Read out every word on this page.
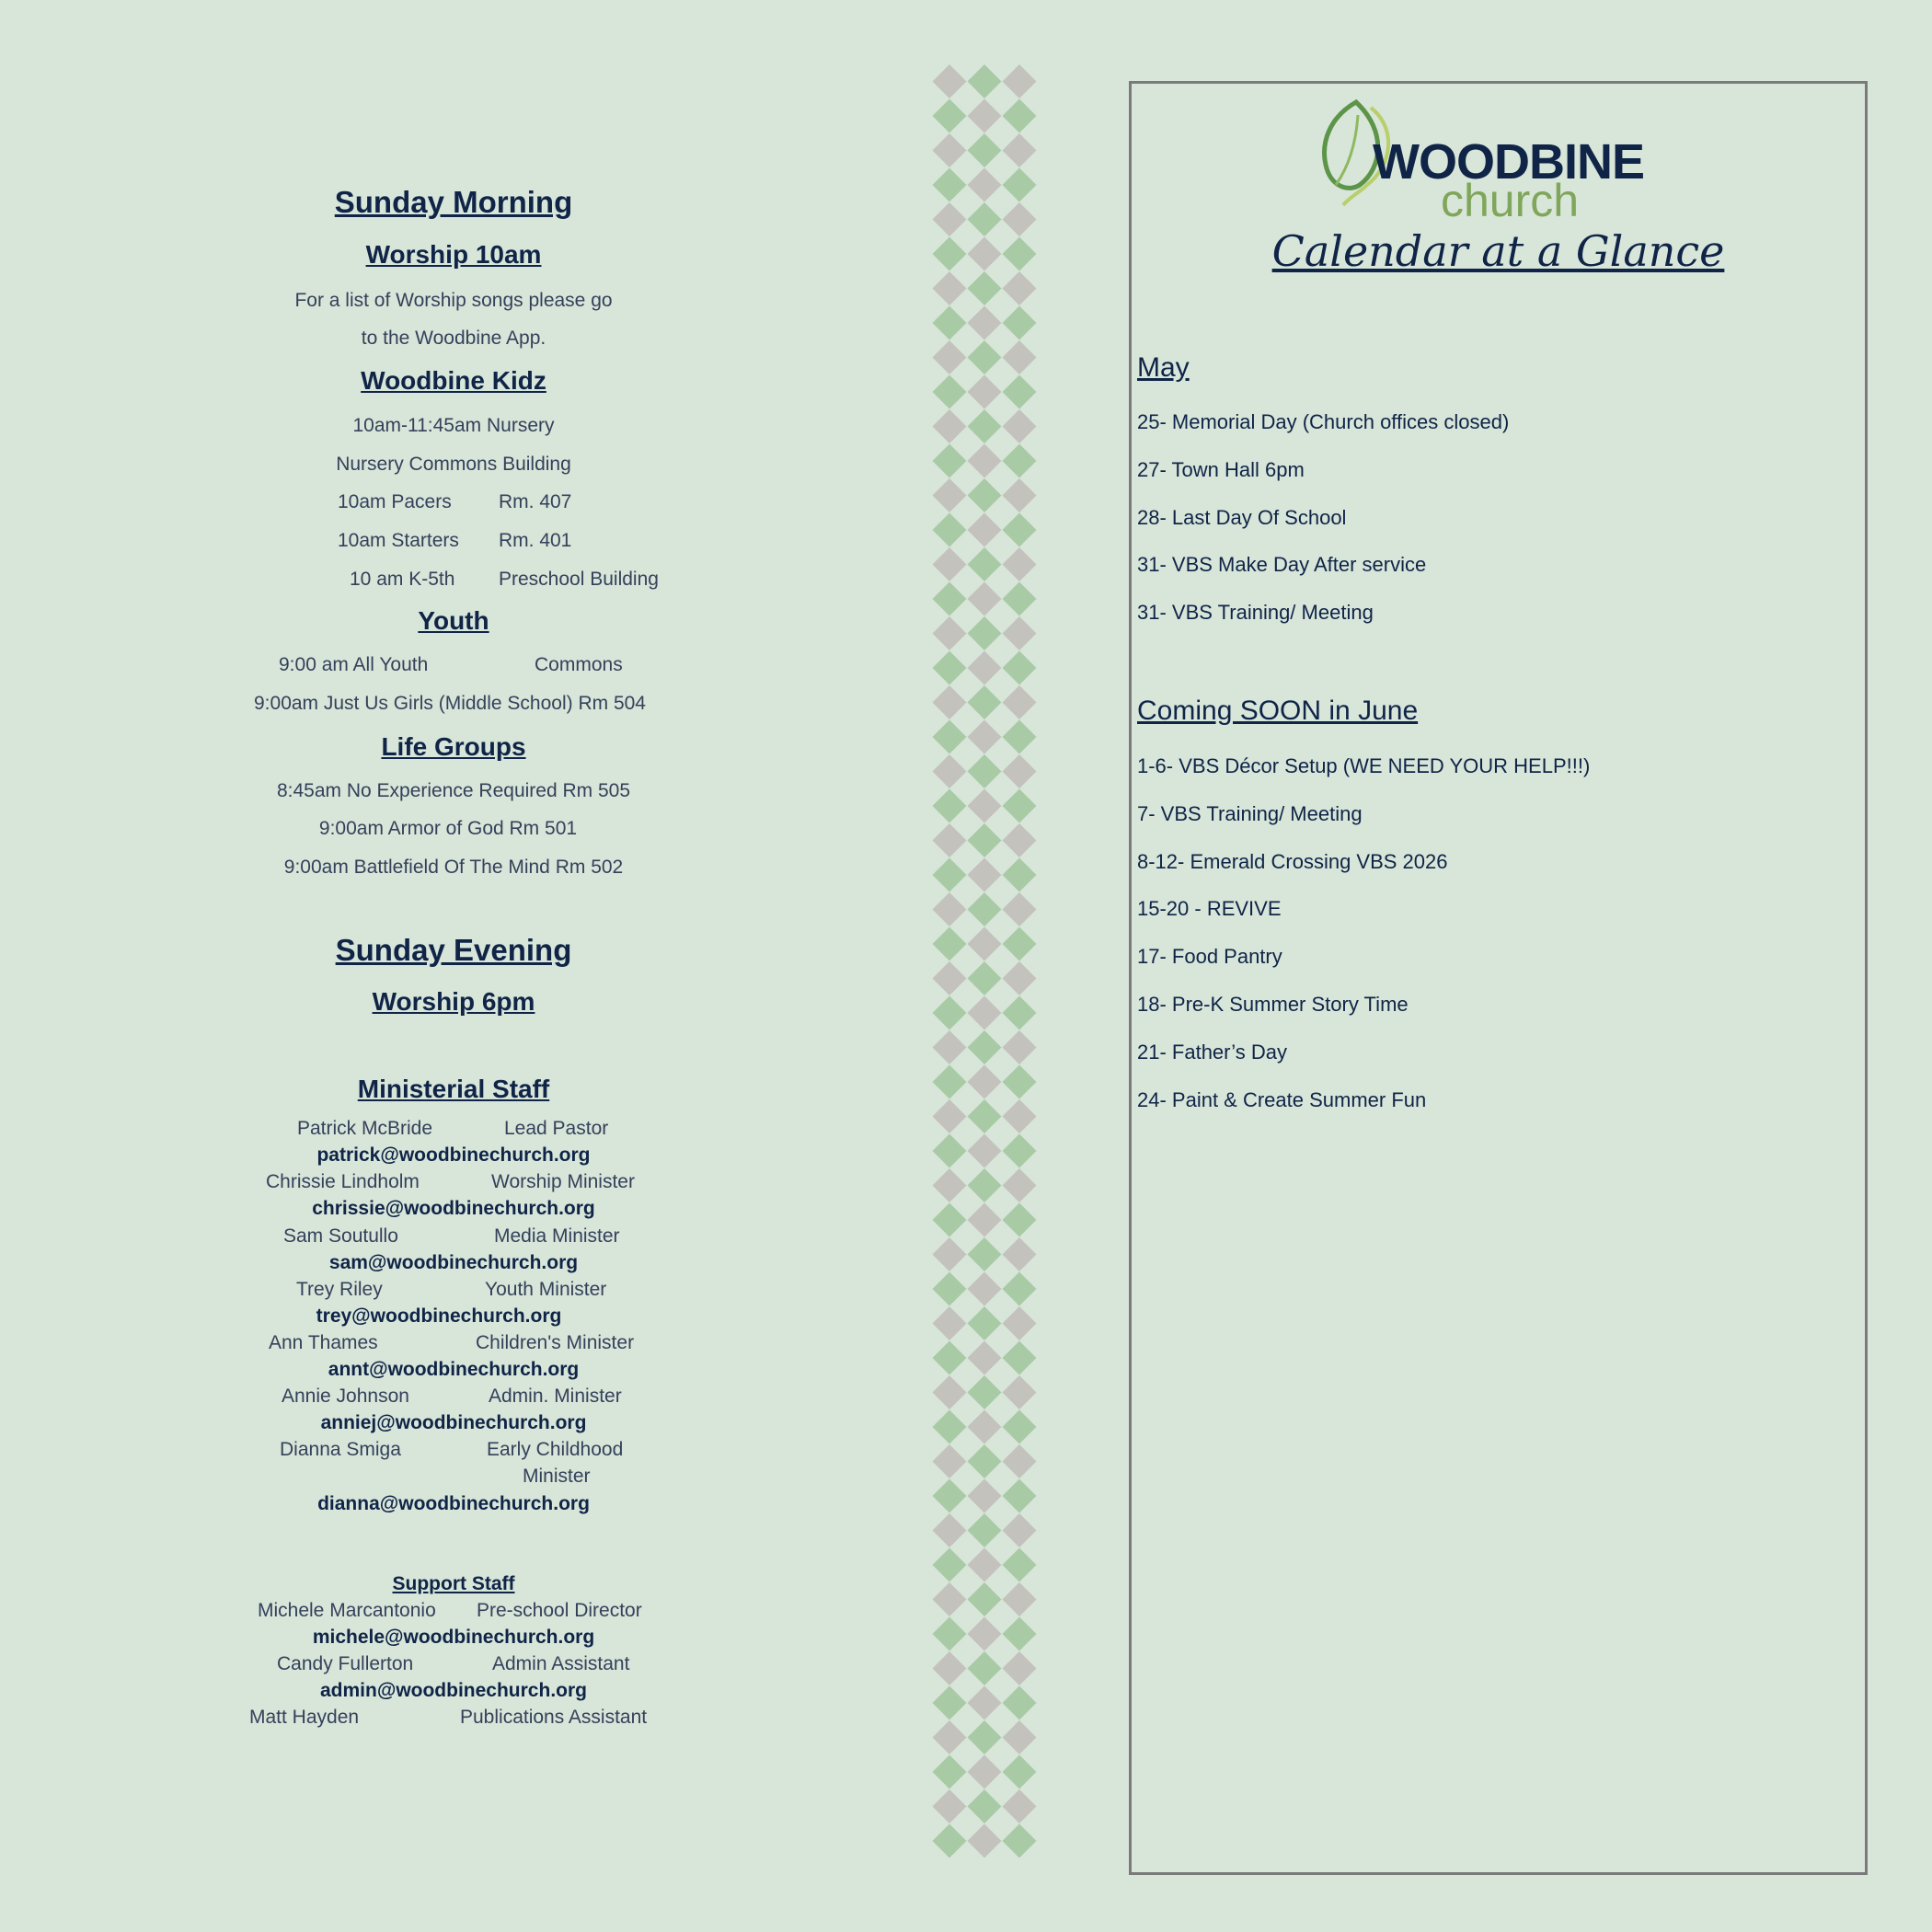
Sunday Morning
Worship 10am
For a list of Worship songs please go
to the Woodbine App.
Woodbine Kidz
10am-11:45am Nursery
Nursery Commons Building
10am Pacers Rm. 407
10am Starters Rm. 401
10 am K-5th Preschool Building
Youth
9:00 am All Youth	Commons
9:00am Just Us Girls (Middle School) Rm 504
Life Groups
8:45am No Experience Required Rm 505
9:00am Armor of God Rm 501
9:00am Battlefield Of The Mind Rm 502
Sunday Evening
Worship 6pm
Ministerial Staff
Patrick McBride	Lead Pastor
patrick@woodbinechurch.org
Chrissie Lindholm	Worship Minister
chrissie@woodbinechurch.org
Sam Soutullo	Media Minister
sam@woodbinechurch.org
Trey Riley	Youth Minister
trey@woodbinechurch.org
Ann Thames	Children's Minister
annt@woodbinechurch.org
Annie Johnson	Admin. Minister
anniej@woodbinechurch.org
Dianna Smiga	Early Childhood
Minister
dianna@woodbinechurch.org
Support Staff
Michele Marcantonio Pre-school Director
michele@woodbinechurch.org
Candy Fullerton	Admin Assistant
admin@woodbinechurch.org
Matt Hayden	Publications Assistant
WOODBINE
church
Calendar at a Glance
May
25- Memorial Day (Church offices closed)
27- Town Hall 6pm
28- Last Day Of School
31- VBS Make Day After service
31- VBS Training/ Meeting
Coming SOON in June
1-6- VBS Décor Setup (WE NEED YOUR HELP!!!)
7- VBS Training/ Meeting
8-12- Emerald Crossing VBS 2026
15-20 - REVIVE
17- Food Pantry
18- Pre-K Summer Story Time
21- Father’s Day
24- Paint & Create Summer Fun
